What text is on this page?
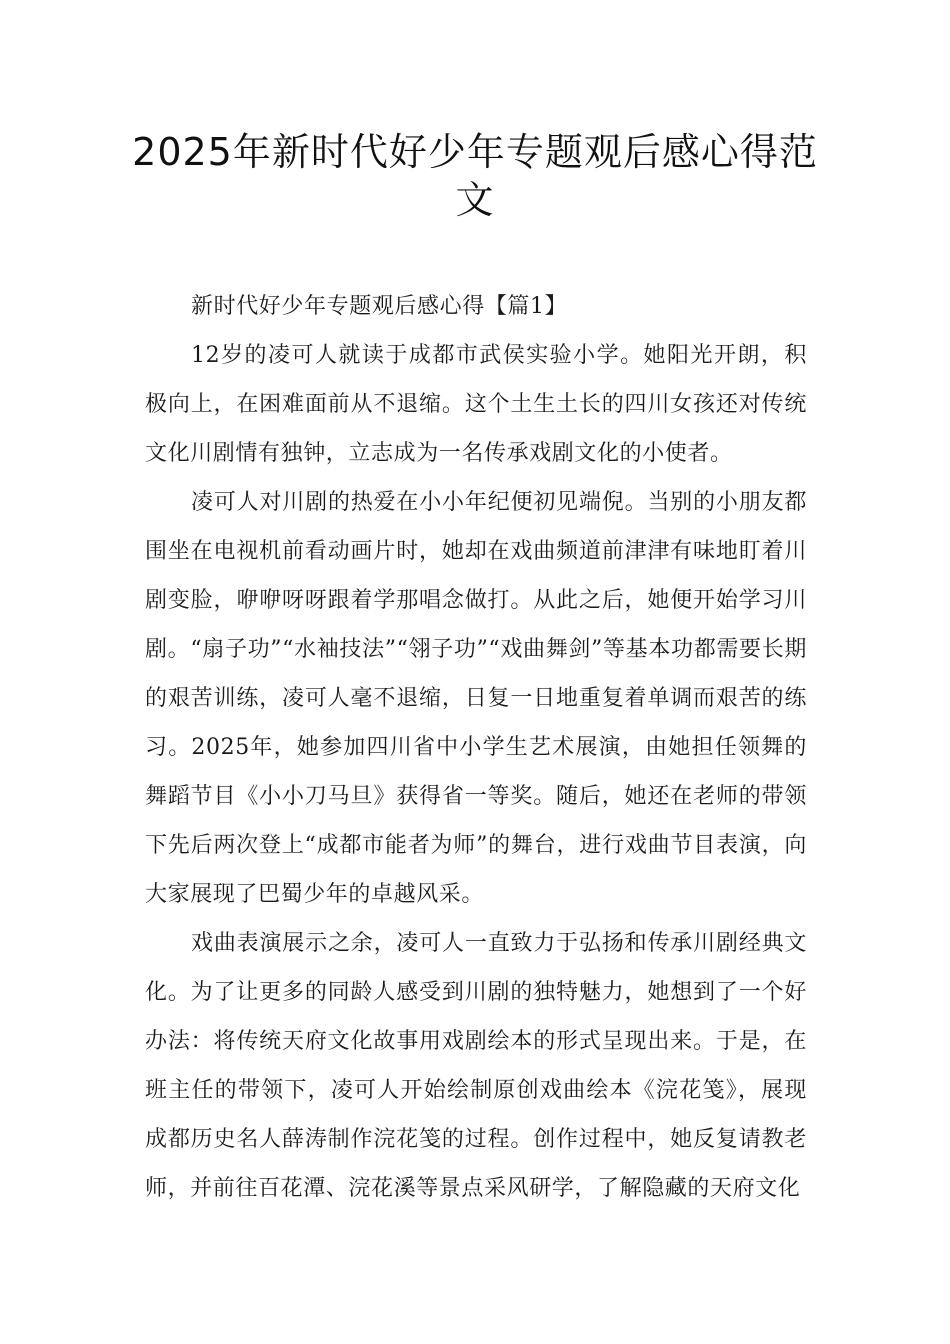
2025年新时代好少年专题观后感心得范文

新时代好少年专题观后感心得【篇1】

12岁的凌可人就读于成都市武侯实验小学。她阳光开朗，积极向上，在困难面前从不退缩。这个土生土长的四川女孩还对传统文化川剧情有独钟，立志成为一名传承戏剧文化的小使者。

凌可人对川剧的热爱在小小年纪便初见端倪。当别的小朋友都围坐在电视机前看动画片时，她却在戏曲频道前津津有味地盯着川剧变脸，咿咿呀呀跟着学那唱念做打。从此之后，她便开始学习川剧。“扇子功”“水袖技法”“翎子功”“戏曲舞剑”等基本功都需要长期的艰苦训练，凌可人毫不退缩，日复一日地重复着单调而艰苦的练习。2025年，她参加四川省中小学生艺术展演，由她担任领舞的舞蹈节目《小小刀马旦》获得省一等奖。随后，她还在老师的带领下先后两次登上“成都市能者为师”的舞台，进行戏曲节目表演，向大家展现了巴蜀少年的卓越风采。

戏曲表演展示之余，凌可人一直致力于弘扬和传承川剧经典文化。为了让更多的同龄人感受到川剧的独特魅力，她想到了一个好办法：将传统天府文化故事用戏剧绘本的形式呈现出来。于是，在班主任的带领下，凌可人开始绘制原创戏曲绘本《浣花笺》，展现成都历史名人薛涛制作浣花笺的过程。创作过程中，她反复请教老师，并前往百花潭、浣花溪等景点采风研学，了解隐藏的天府文化
